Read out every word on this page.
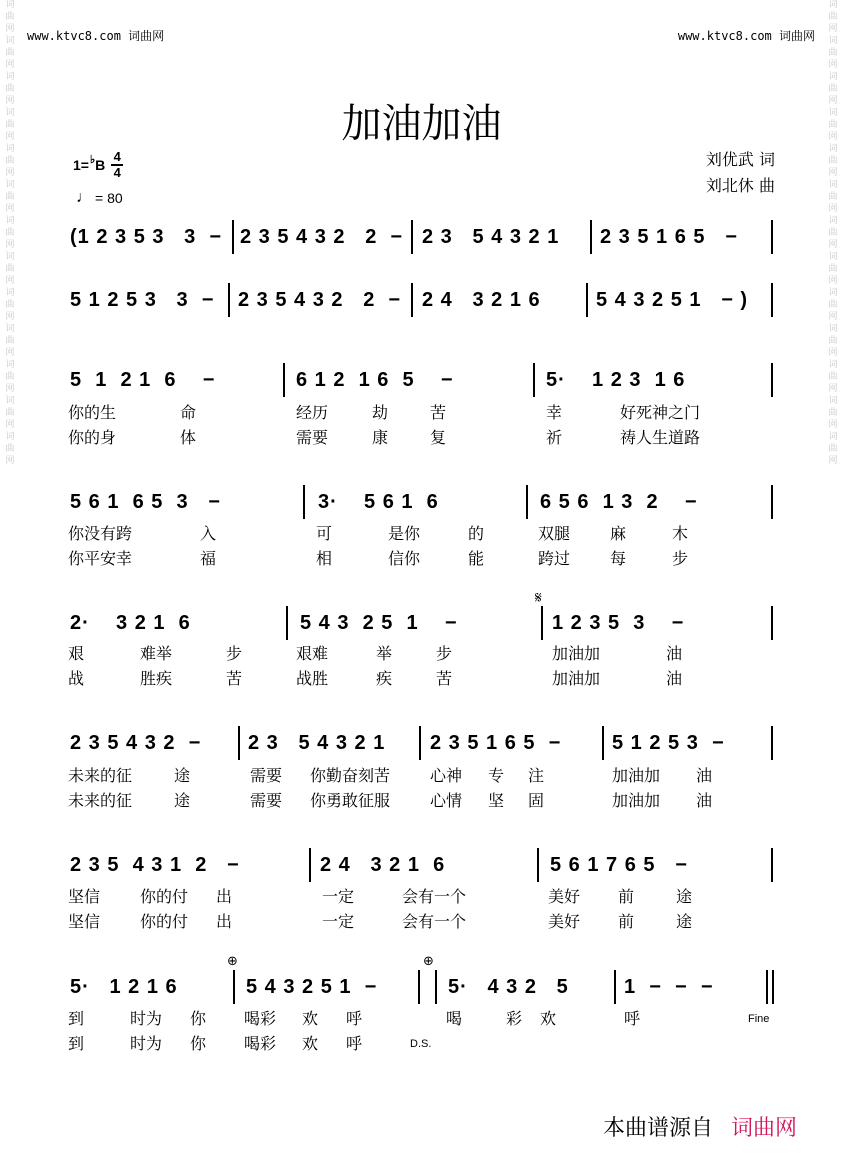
词
曲
网
词
曲
网
词
曲
网
词
曲
网
词
曲
网
词
曲
网
词
曲
网
词
曲
网
词
曲
网
词
曲
网
词
曲
网
词
曲
网
词
曲
网
词
曲
网
词
曲
网
词
曲
网
词
曲
网
词
曲
网
词
曲
网
词
曲
网
词
曲
网
词
曲
网
词
曲
网
词
曲
网
词
曲
网
词
曲
网
www.ktvc8.com 词曲网	www.ktvc8.com 词曲网
加油加油
1= ♭ B
4
4
♩ = 80
刘优武 词
刘北休 曲
(1 2 3 5 3   3  − 2 3 5 4 3 2   2  − 2 3   5 4 3 2 1 2 3 5 1 6 5   −
5 1 2 5 3   3  − 2 3 5 4 3 2   2  − 2 4   3 2 1 6	5 4 3 2 5 1   − )
5  1  2 1  6    −	6 1 2  1 6  5    −	5·    1 2 3  1 6
5 6 1  6 5  3   −	3·    5 6 1  6	6 5 6  1 3  2    −
2·    3 2 1  6	5 4 3  2 5  1    −	1 2 3 5  3    −
2 3 5 4 3 2  − 2 3   5 4 3 2 1 2 3 5 1 6 5  −	5 1 2 5 3  −
2 3 5  4 3 1  2   −	2 4   3 2 1  6	5 6 1 7 6 5   −
5·   1 2 1 6	5 4 3 2 5 1  −	5·   4 3 2   5	1  −  −  −
你的生	命	经历	劫	苦	幸	好死神之门
你的身	体	需要	康	复	祈	祷人生道路
你没有跨	入	可	是你	的	双腿 麻	木
你平安幸	福	相	信你	能	跨过 每	步
艰	难举	步	艰难	举	步	加油加	油
战	胜疾	苦	战胜	疾	苦	加油加	油
未来的征	途	需要 你勤奋刻苦 心神 专 注	加油加 油
未来的征	途	需要 你勇敢征服 心情 坚 固	加油加 油
坚信 你的付 出	一定	会有一个	美好 前	途
坚信 你的付 出	一定	会有一个	美好 前	途
到	时为 你 喝彩 欢 呼	喝	彩 欢	呼
到	时为 你 喝彩 欢 呼
𝄋
⊕	⊕
Fine
D.S.
本曲谱源自 词曲网
